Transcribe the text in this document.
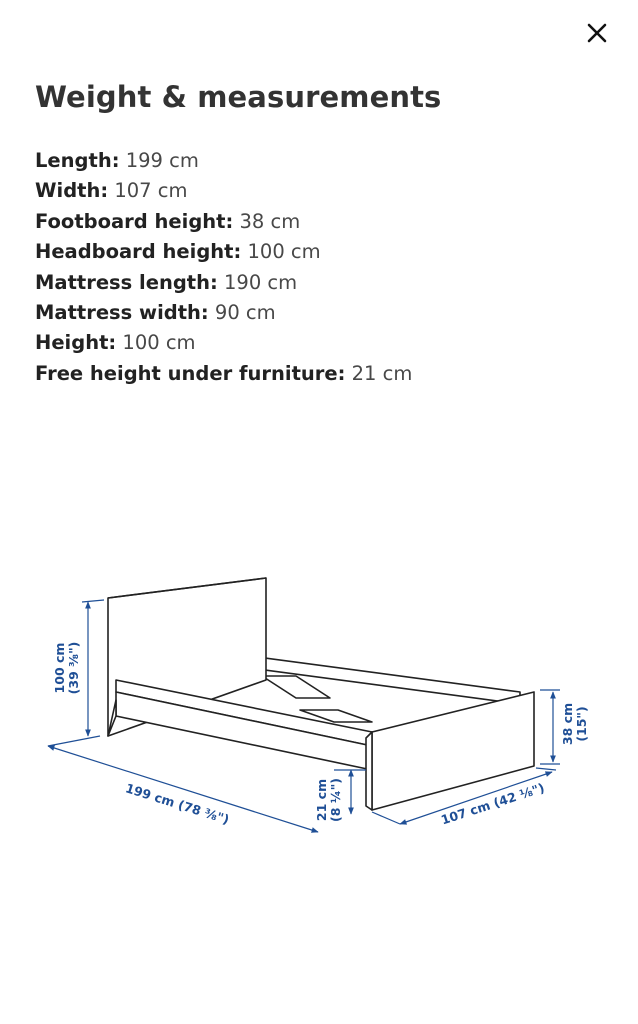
Weight & measurements
Length: 199 cm
Width: 107 cm
Footboard height: 38 cm
Headboard height: 100 cm
Mattress length: 190 cm
Mattress width: 90 cm
Height: 100 cm
Free height under furniture: 21 cm
100 cm (39 ⅜")
199 cm (78 ⅜")	21 cm (8 ¼")	107 cm (42 ⅛")
38 cm (15")
